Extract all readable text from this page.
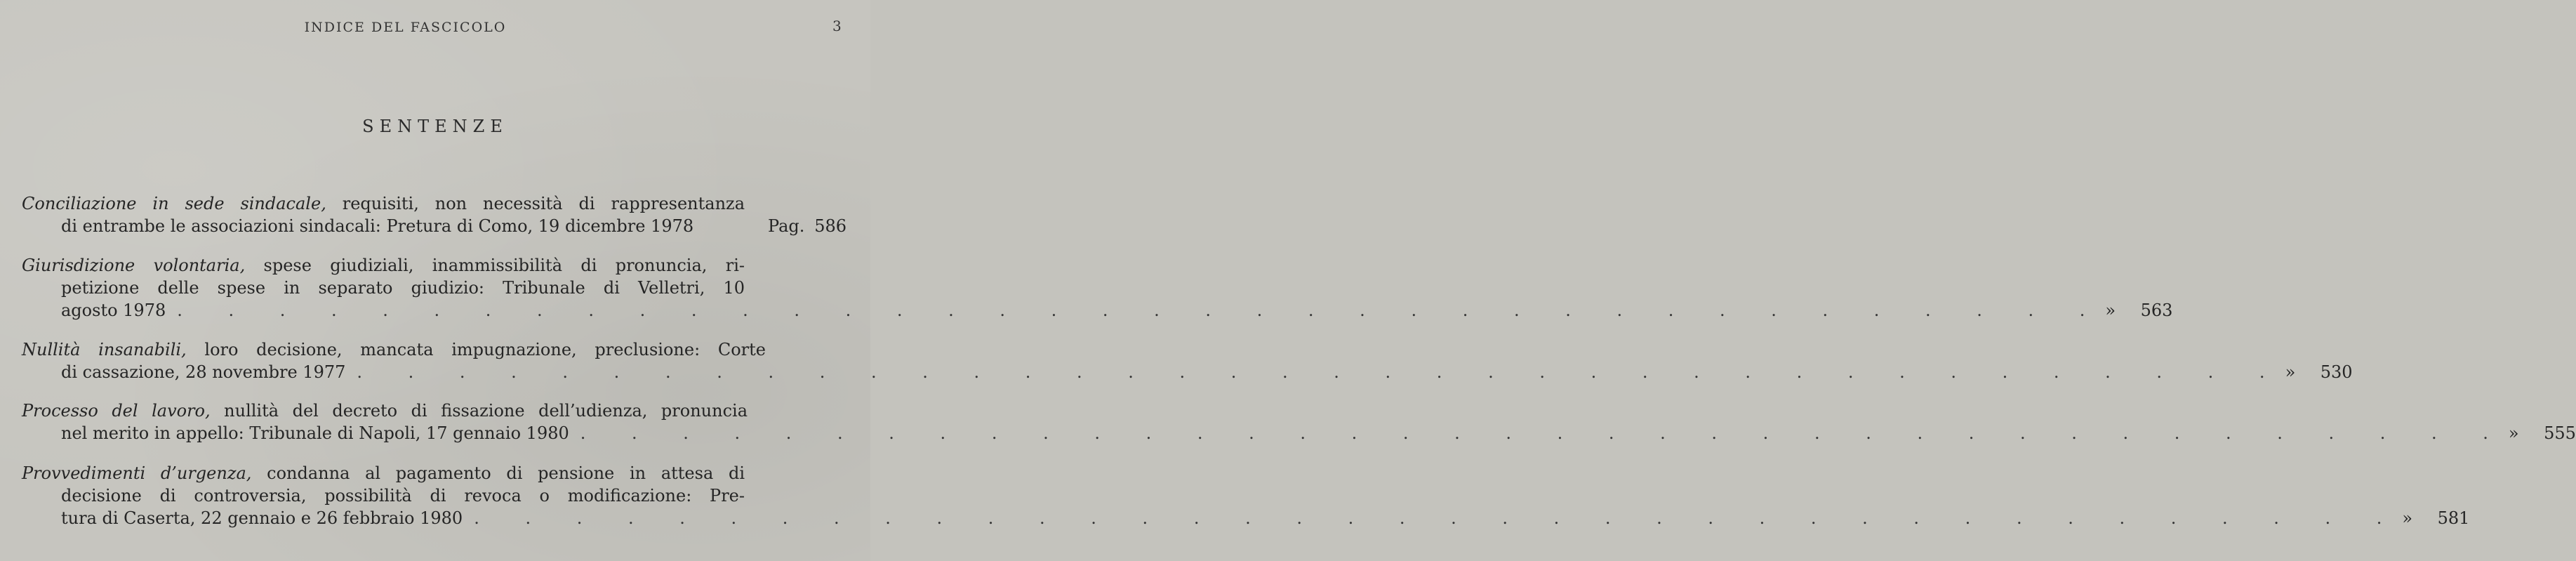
INDICE DEL FASCICOLO	3
SENTENZE
Conciliazione in sede sindacale, requisiti, non necessità di rappresentanza
di entrambe le associazioni sindacali: Pretura di Como, 19 dicembre 1978	Pag. 586
Giurisdizione volontaria, spese giudiziali, inammissibilità di pronuncia, ri-
petizione delle spese in separato giudizio: Tribunale di Velletri, 10
agosto 1978 . . . . . . . . . . . . . . . . . . . . . . . . . . . . . . . . . . . . . . »	563
Nullità insanabili, loro decisione, mancata impugnazione, preclusione: Corte
di cassazione, 28 novembre 1977 . . . . . . . . . . . . . . . . . . . . . . . . . . . . . . . . . . . . . . »	530
Processo del lavoro, nullità del decreto di fissazione dell’udienza, pronuncia
nel merito in appello: Tribunale di Napoli, 17 gennaio 1980 . . . . . . . . . . . . . . . . . . . . . . . . . . . . . . . . . . . . . . »	555
Provvedimenti d’urgenza, condanna al pagamento di pensione in attesa di
decisione di controversia, possibilità di revoca o modificazione: Pre-
tura di Caserta, 22 gennaio e 26 febbraio 1980 . . . . . . . . . . . . . . . . . . . . . . . . . . . . . . . . . . . . . . »	581
